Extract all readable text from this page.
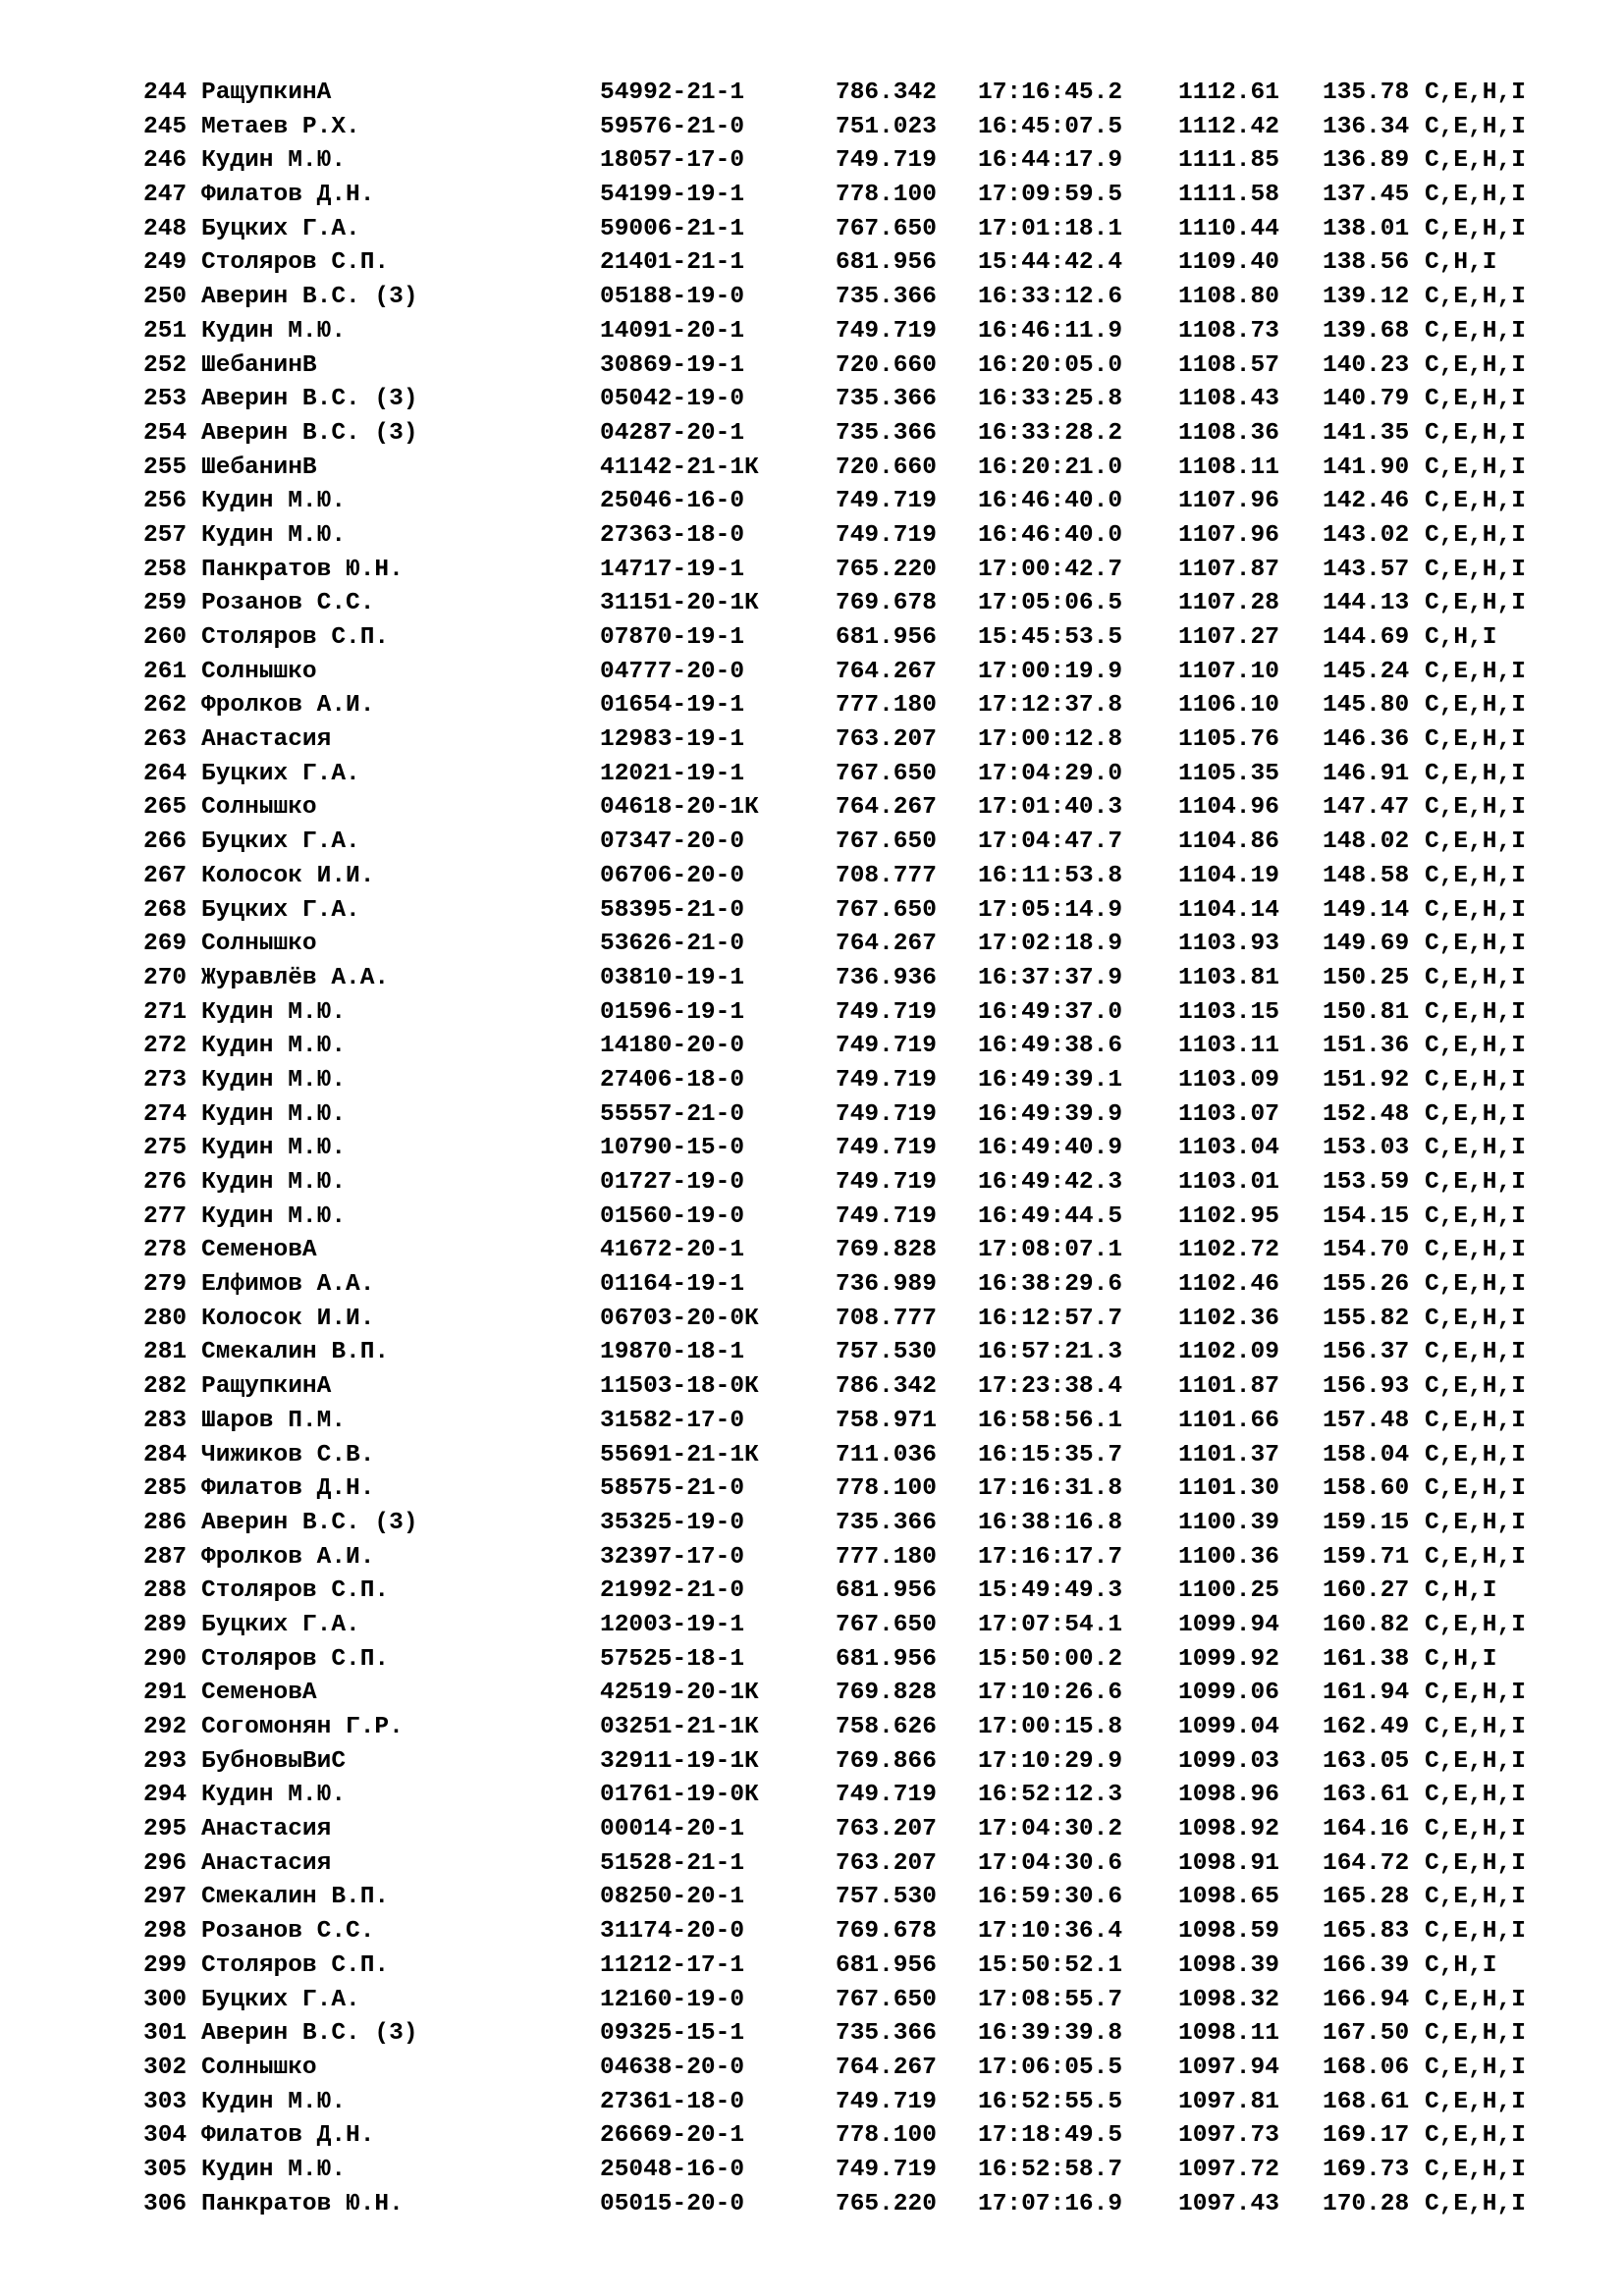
244 РащупкинА	54992-21-1	786.342	17:16:45.2	1112.61	135.78 C,E,H,I
245 Метаев Р.Х.	59576-21-0	751.023	16:45:07.5	1112.42	136.34 C,E,H,I
246 Кудин М.Ю.	18057-17-0	749.719	16:44:17.9	1111.85	136.89 C,E,H,I
247 Филатов Д.Н.	54199-19-1	778.100	17:09:59.5	1111.58	137.45 C,E,H,I
248 Буцких Г.А.	59006-21-1	767.650	17:01:18.1	1110.44	138.01 C,E,H,I
249 Столяров С.П.	21401-21-1	681.956	15:44:42.4	1109.40	138.56 C,H,I
250 Аверин В.С. (3)	05188-19-0	735.366	16:33:12.6	1108.80	139.12 C,E,H,I
251 Кудин М.Ю.	14091-20-1	749.719	16:46:11.9	1108.73	139.68 C,E,H,I
252 ШебанинВ	30869-19-1	720.660	16:20:05.0	1108.57	140.23 C,E,H,I
253 Аверин В.С. (3)	05042-19-0	735.366	16:33:25.8	1108.43	140.79 C,E,H,I
254 Аверин В.С. (3)	04287-20-1	735.366	16:33:28.2	1108.36	141.35 C,E,H,I
255 ШебанинВ	41142-21-1К	720.660	16:20:21.0	1108.11	141.90 C,E,H,I
256 Кудин М.Ю.	25046-16-0	749.719	16:46:40.0	1107.96	142.46 C,E,H,I
257 Кудин М.Ю.	27363-18-0	749.719	16:46:40.0	1107.96	143.02 C,E,H,I
258 Панкратов Ю.Н.	14717-19-1	765.220	17:00:42.7	1107.87	143.57 C,E,H,I
259 Розанов С.С.	31151-20-1К	769.678	17:05:06.5	1107.28	144.13 C,E,H,I
260 Столяров С.П.	07870-19-1	681.956	15:45:53.5	1107.27	144.69 C,H,I
261 Солнышко	04777-20-0	764.267	17:00:19.9	1107.10	145.24 C,E,H,I
262 Фролков А.И.	01654-19-1	777.180	17:12:37.8	1106.10	145.80 C,E,H,I
263 Анастасия	12983-19-1	763.207	17:00:12.8	1105.76	146.36 C,E,H,I
264 Буцких Г.А.	12021-19-1	767.650	17:04:29.0	1105.35	146.91 C,E,H,I
265 Солнышко	04618-20-1К	764.267	17:01:40.3	1104.96	147.47 C,E,H,I
266 Буцких Г.А.	07347-20-0	767.650	17:04:47.7	1104.86	148.02 C,E,H,I
267 Колосок И.И.	06706-20-0	708.777	16:11:53.8	1104.19	148.58 C,E,H,I
268 Буцких Г.А.	58395-21-0	767.650	17:05:14.9	1104.14	149.14 C,E,H,I
269 Солнышко	53626-21-0	764.267	17:02:18.9	1103.93	149.69 C,E,H,I
270 Журавлёв А.А.	03810-19-1	736.936	16:37:37.9	1103.81	150.25 C,E,H,I
271 Кудин М.Ю.	01596-19-1	749.719	16:49:37.0	1103.15	150.81 C,E,H,I
272 Кудин М.Ю.	14180-20-0	749.719	16:49:38.6	1103.11	151.36 C,E,H,I
273 Кудин М.Ю.	27406-18-0	749.719	16:49:39.1	1103.09	151.92 C,E,H,I
274 Кудин М.Ю.	55557-21-0	749.719	16:49:39.9	1103.07	152.48 C,E,H,I
275 Кудин М.Ю.	10790-15-0	749.719	16:49:40.9	1103.04	153.03 C,E,H,I
276 Кудин М.Ю.	01727-19-0	749.719	16:49:42.3	1103.01	153.59 C,E,H,I
277 Кудин М.Ю.	01560-19-0	749.719	16:49:44.5	1102.95	154.15 C,E,H,I
278 СеменовА	41672-20-1	769.828	17:08:07.1	1102.72	154.70 C,E,H,I
279 Елфимов А.А.	01164-19-1	736.989	16:38:29.6	1102.46	155.26 C,E,H,I
280 Колосок И.И.	06703-20-0К	708.777	16:12:57.7	1102.36	155.82 C,E,H,I
281 Смекалин В.П.	19870-18-1	757.530	16:57:21.3	1102.09	156.37 C,E,H,I
282 РащупкинА	11503-18-0К	786.342	17:23:38.4	1101.87	156.93 C,E,H,I
283 Шаров П.М.	31582-17-0	758.971	16:58:56.1	1101.66	157.48 C,E,H,I
284 Чижиков С.В.	55691-21-1К	711.036	16:15:35.7	1101.37	158.04 C,E,H,I
285 Филатов Д.Н.	58575-21-0	778.100	17:16:31.8	1101.30	158.60 C,E,H,I
286 Аверин В.С. (3)	35325-19-0	735.366	16:38:16.8	1100.39	159.15 C,E,H,I
287 Фролков А.И.	32397-17-0	777.180	17:16:17.7	1100.36	159.71 C,E,H,I
288 Столяров С.П.	21992-21-0	681.956	15:49:49.3	1100.25	160.27 C,H,I
289 Буцких Г.А.	12003-19-1	767.650	17:07:54.1	1099.94	160.82 C,E,H,I
290 Столяров С.П.	57525-18-1	681.956	15:50:00.2	1099.92	161.38 C,H,I
291 СеменовА	42519-20-1К	769.828	17:10:26.6	1099.06	161.94 C,E,H,I
292 Согомонян Г.Р.	03251-21-1К	758.626	17:00:15.8	1099.04	162.49 C,E,H,I
293 БубновыВиС	32911-19-1К	769.866	17:10:29.9	1099.03	163.05 C,E,H,I
294 Кудин М.Ю.	01761-19-0К	749.719	16:52:12.3	1098.96	163.61 C,E,H,I
295 Анастасия	00014-20-1	763.207	17:04:30.2	1098.92	164.16 C,E,H,I
296 Анастасия	51528-21-1	763.207	17:04:30.6	1098.91	164.72 C,E,H,I
297 Смекалин В.П.	08250-20-1	757.530	16:59:30.6	1098.65	165.28 C,E,H,I
298 Розанов С.С.	31174-20-0	769.678	17:10:36.4	1098.59	165.83 C,E,H,I
299 Столяров С.П.	11212-17-1	681.956	15:50:52.1	1098.39	166.39 C,H,I
300 Буцких Г.А.	12160-19-0	767.650	17:08:55.7	1098.32	166.94 C,E,H,I
301 Аверин В.С. (3)	09325-15-1	735.366	16:39:39.8	1098.11	167.50 C,E,H,I
302 Солнышко	04638-20-0	764.267	17:06:05.5	1097.94	168.06 C,E,H,I
303 Кудин М.Ю.	27361-18-0	749.719	16:52:55.5	1097.81	168.61 C,E,H,I
304 Филатов Д.Н.	26669-20-1	778.100	17:18:49.5	1097.73	169.17 C,E,H,I
305 Кудин М.Ю.	25048-16-0	749.719	16:52:58.7	1097.72	169.73 C,E,H,I
306 Панкратов Ю.Н.	05015-20-0	765.220	17:07:16.9	1097.43	170.28 C,E,H,I
